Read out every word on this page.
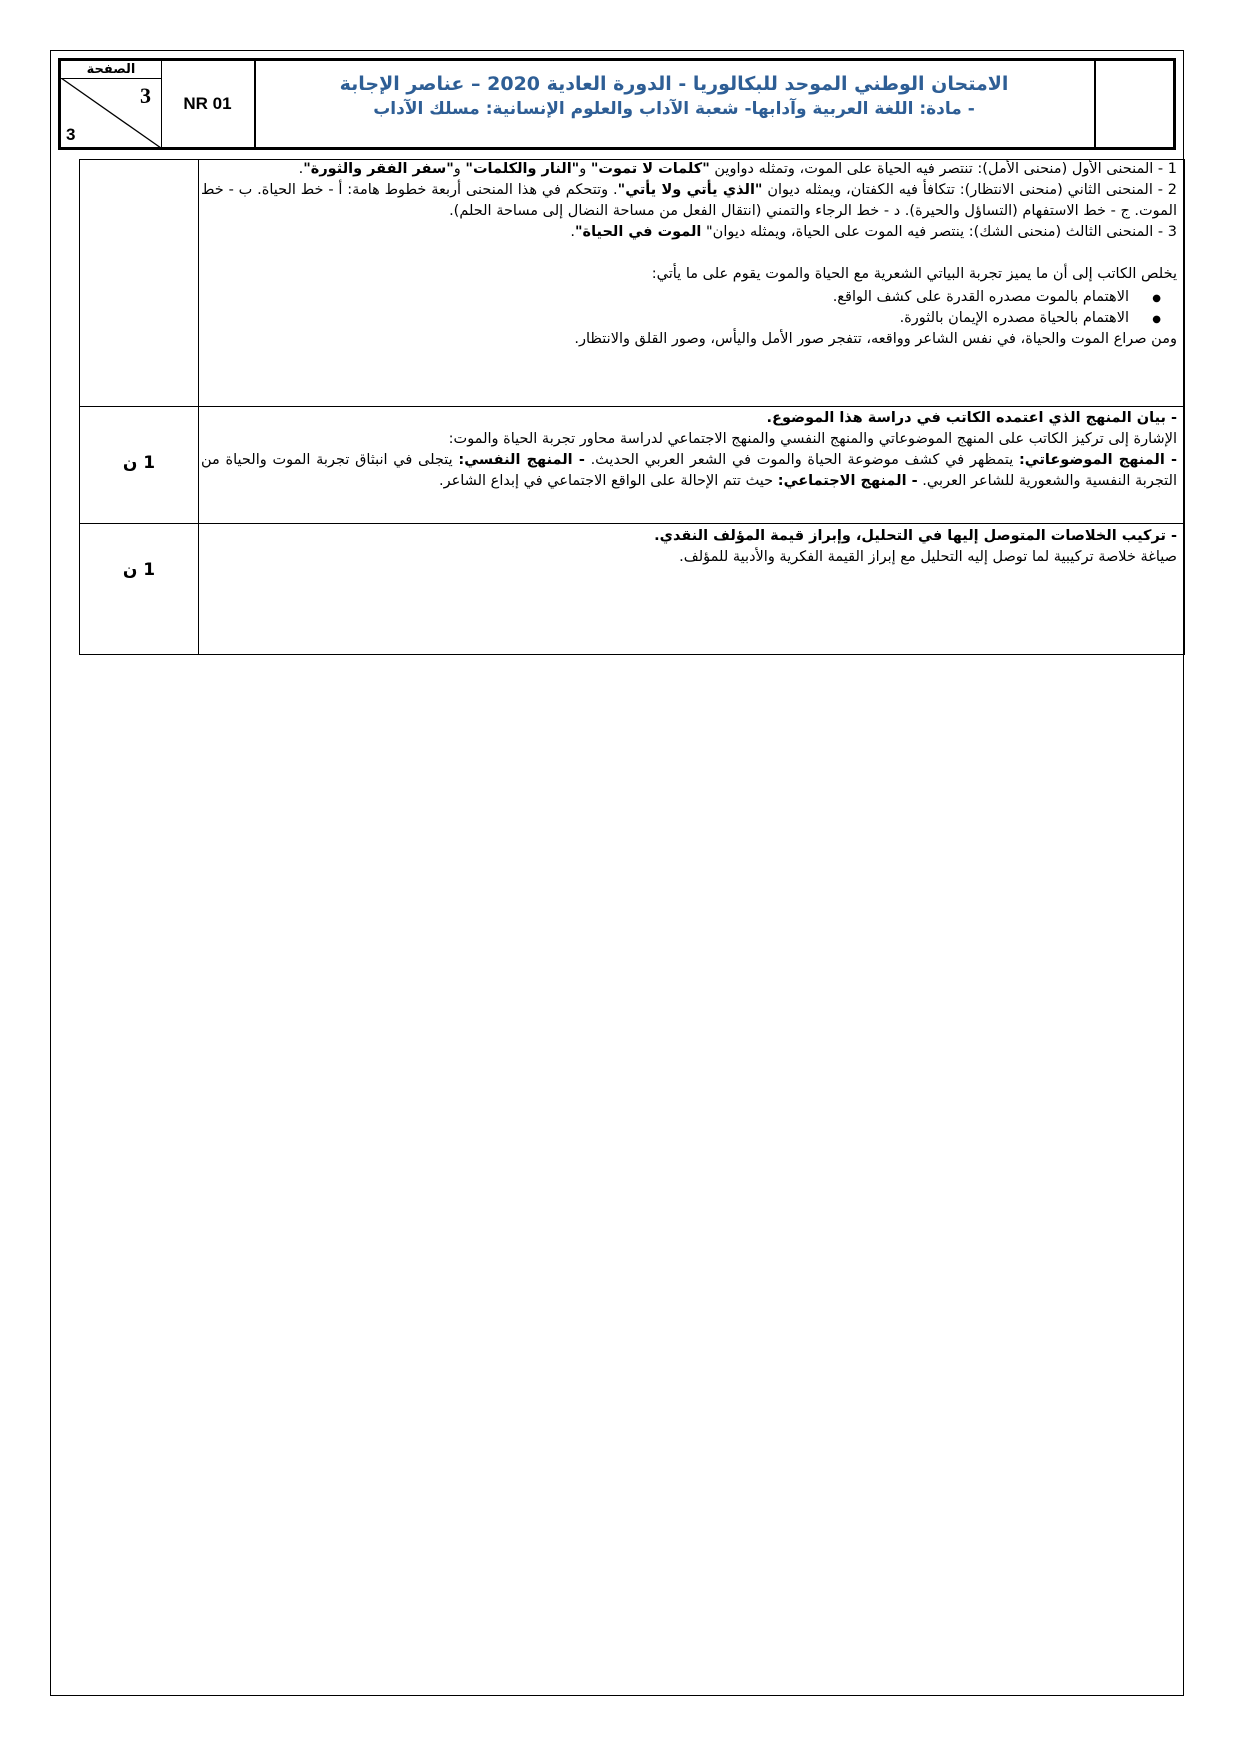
الصفحة
3
3
NR 01
الامتحان الوطني الموحد للبكالوريا - الدورة العادية 2020 – عناصر الإجابة
- مادة: اللغة العربية وآدابها- شعبة الآداب والعلوم الإنسانية: مسلك الآداب

1 - المنحنى الأول (منحنى الأمل): تنتصر فيه الحياة على الموت، وتمثله دواوين "كلمات لا تموت" و"النار والكلمات" و"سفر الفقر والثورة".

2 - المنحنى الثاني (منحنى الانتظار): تتكافأ فيه الكفتان، ويمثله ديوان "الذي يأتي ولا يأتي". وتتحكم في هذا المنحنى أربعة خطوط هامة: أ - خط الحياة. ب - خط الموت. ج - خط الاستفهام (التساؤل والحيرة). د - خط الرجاء والتمني (انتقال الفعل من مساحة النضال إلى مساحة الحلم).

3 - المنحنى الثالث (منحنى الشك): ينتصر فيه الموت على الحياة، ويمثله ديوان" الموت في الحياة".

يخلص الكاتب إلى أن ما يميز تجربة البياتي الشعرية مع الحياة والموت يقوم على ما يأتي:

● الاهتمام بالموت مصدره القدرة على كشف الواقع.
● الاهتمام بالحياة مصدره الإيمان بالثورة.

ومن صراع الموت والحياة، في نفس الشاعر وواقعه، تتفجر صور الأمل واليأس، وصور القلق والانتظار.

- بيان المنهج الذي اعتمده الكاتب في دراسة هذا الموضوع.

الإشارة إلى تركيز الكاتب على المنهج الموضوعاتي والمنهج النفسي والمنهج الاجتماعي لدراسة محاور تجربة الحياة والموت:

- المنهج الموضوعاتي: يتمظهر في كشف موضوعة الحياة والموت في الشعر العربي الحديث. - المنهج النفسي: يتجلى في انبثاق تجربة الموت والحياة من التجربة النفسية والشعورية للشاعر العربي. - المنهج الاجتماعي: حيث تتم الإحالة على الواقع الاجتماعي في إبداع الشاعر.

1 ن

- تركيب الخلاصات المتوصل إليها في التحليل، وإبراز قيمة المؤلف النقدي.

صياغة خلاصة تركيبية لما توصل إليه التحليل مع إبراز القيمة الفكرية والأدبية للمؤلف.

1 ن
